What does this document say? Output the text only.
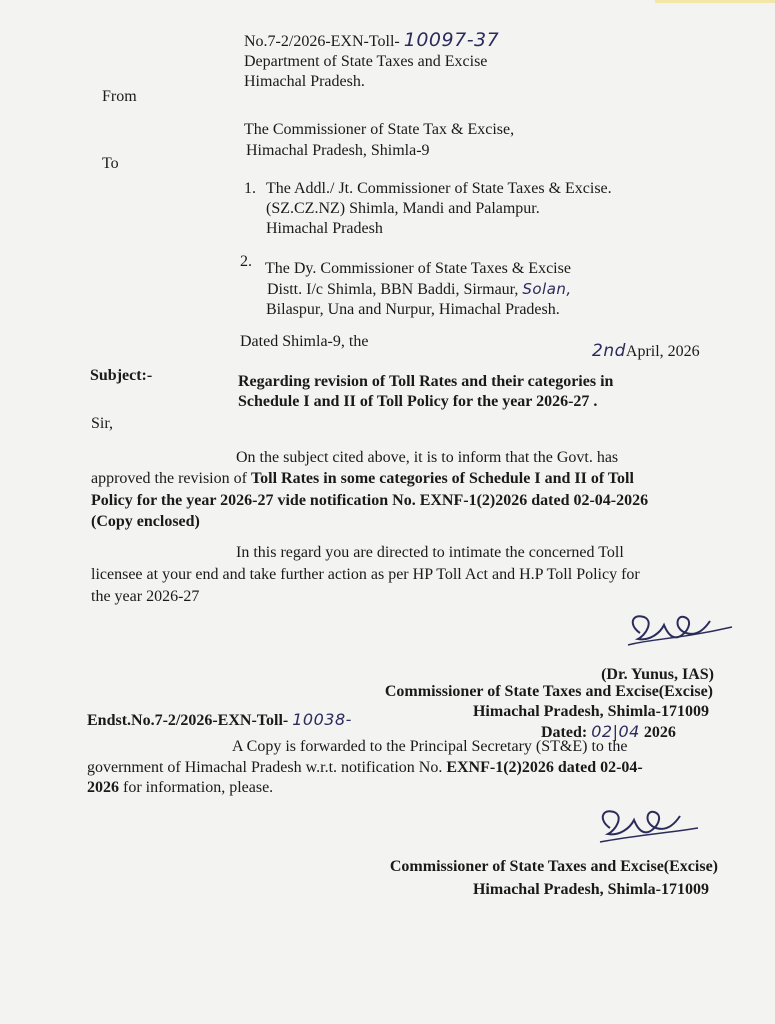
No.7-2/2026-EXN-Toll- 10097-37
Department of State Taxes and Excise
Himachal Pradesh.
From
The Commissioner of State Tax & Excise,
Himachal Pradesh, Shimla-9
To
1. The Addl./ Jt. Commissioner of State Taxes & Excise.
(SZ.CZ.NZ) Shimla, Mandi and Palampur.
Himachal Pradesh
2. The Dy. Commissioner of State Taxes & Excise
Distt. I/c Shimla, BBN Baddi, Sirmaur, Solan,
Bilaspur, Una and Nurpur, Himachal Pradesh.
Dated Shimla-9, the	2ndApril, 2026
Subject:-	Regarding revision of Toll Rates and their categories in
Schedule I and II of Toll Policy for the year 2026-27 .
Sir,
On the subject cited above, it is to inform that the Govt. has
approved the revision of Toll Rates in some categories of Schedule I and II of Toll
Policy for the year 2026-27 vide notification No. EXNF-1(2)2026 dated 02-04-2026
(Copy enclosed)
In this regard you are directed to intimate the concerned Toll
licensee at your end and take further action as per HP Toll Act and H.P Toll Policy for
the year 2026-27
(Dr. Yunus, IAS)
Commissioner of State Taxes and Excise(Excise)
Himachal Pradesh, Shimla-171009
Endst.No.7-2/2026-EXN-Toll- 10038-
Dated: 02|04 2026
A Copy is forwarded to the Principal Secretary (ST&E) to the
government of Himachal Pradesh w.r.t. notification No. EXNF-1(2)2026 dated 02-04-
2026 for information, please.
Commissioner of State Taxes and Excise(Excise)
Himachal Pradesh, Shimla-171009
